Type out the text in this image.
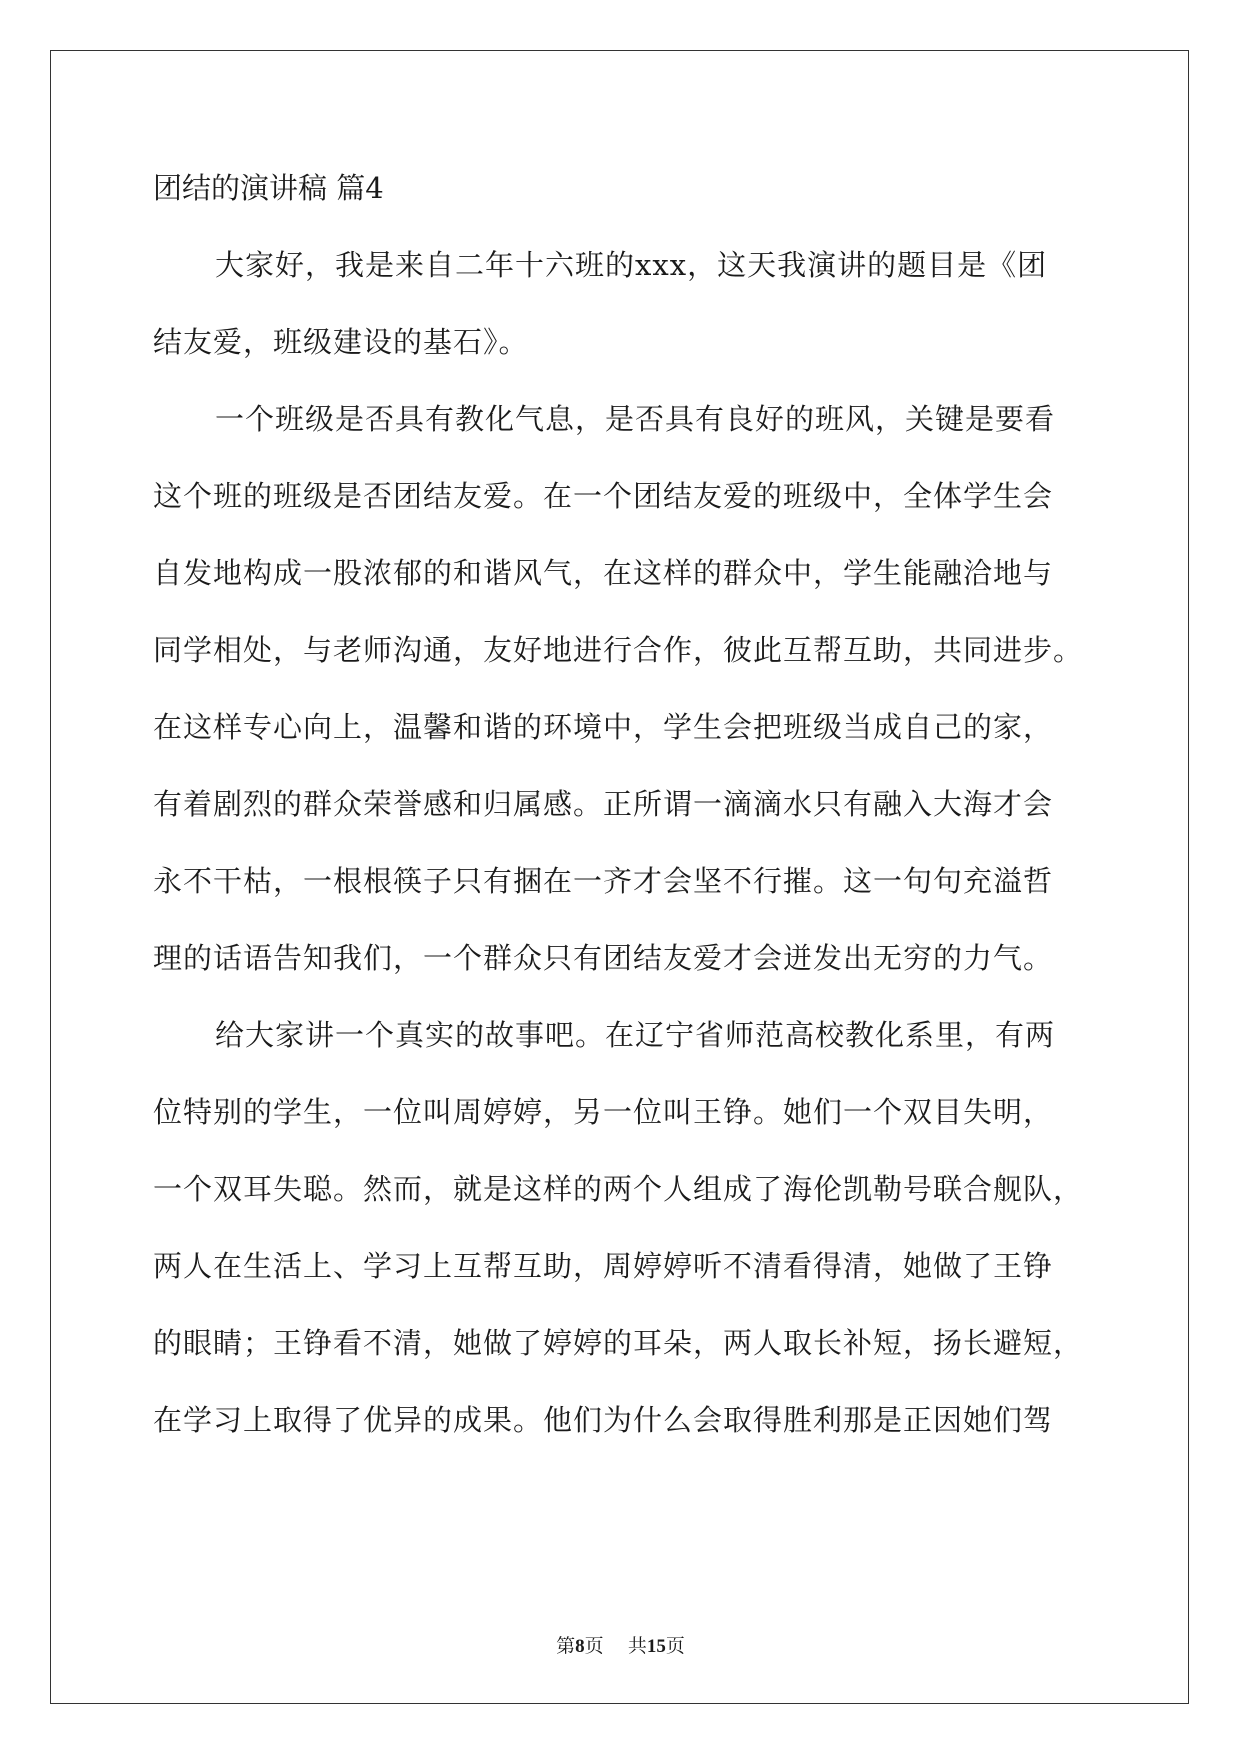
团结的演讲稿 篇4
大家好，我是来自二年十六班的xxx，这天我演讲的题目是《团
结友爱，班级建设的基石》。
一个班级是否具有教化气息，是否具有良好的班风，关键是要看
这个班的班级是否团结友爱。在一个团结友爱的班级中，全体学生会
自发地构成一股浓郁的和谐风气，在这样的群众中，学生能融洽地与
同学相处，与老师沟通，友好地进行合作，彼此互帮互助，共同进步。
在这样专心向上，温馨和谐的环境中，学生会把班级当成自己的家，
有着剧烈的群众荣誉感和归属感。正所谓一滴滴水只有融入大海才会
永不干枯，一根根筷子只有捆在一齐才会坚不行摧。这一句句充溢哲
理的话语告知我们，一个群众只有团结友爱才会迸发出无穷的力气。
给大家讲一个真实的故事吧。在辽宁省师范高校教化系里，有两
位特别的学生，一位叫周婷婷，另一位叫王铮。她们一个双目失明，
一个双耳失聪。然而，就是这样的两个人组成了海伦凯勒号联合舰队，
两人在生活上、学习上互帮互助，周婷婷听不清看得清，她做了王铮
的眼睛；王铮看不清，她做了婷婷的耳朵，两人取长补短，扬长避短，
在学习上取得了优异的成果。他们为什么会取得胜利那是正因她们驾
第8页 共15页
